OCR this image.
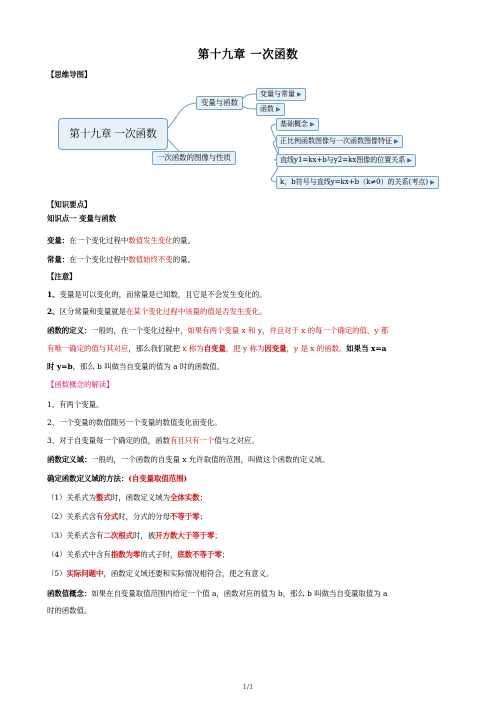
第十九章 一次函数
【思维导图】
第十九章 一次函数
变量与函数
变量与常量 ▶
函数 ▶
一次函数的图像与性质
基础概念 ▶
正比例函数图像与一次函数图像特征 ▶
直线y1=kx+b与y2=kx图像的位置关系 ▶
k，b符号与直线y=kx+b（k≠0）的关系(考点) ▶
【知识要点】
知识点一 变量与函数
变量：在一个变化过程中数值发生变化的量。
常量：在一个变化过程中数值始终不变的量。
【注意】
1、变量是可以变化的，而常量是已知数，且它是不会发生变化的。
2、区分常量和变量就是在某个变化过程中该量的值是否发生变化。
函数的定义：一般的，在一个变化过程中，如果有两个变量 x 和 y，并且对于 x 的每一个确定的值，y 都
有唯一确定的值与其对应，那么我们就把 x 称为自变量，把 y 称为因变量，y 是 x 的函数。如果当 x=a
时 y=b，那么 b 叫做当自变量的值为 a 时的函数值。
【函数概念的解读】
1、有两个变量。
2、一个变量的数值随另一个变量的数值变化而变化。
3、对于自变量每一个确定的值，函数有且只有一个值与之对应。
函数定义域：一般的，一个函数的自变量 x 允许取值的范围，叫做这个函数的定义域。
确定函数定义域的方法：(自变量取值范围)
（1）关系式为整式时，函数定义域为全体实数；
（2）关系式含有分式时，分式的分母不等于零；
（3）关系式含有二次根式时，被开方数大于等于零；
（4）关系式中含有指数为零的式子时，底数不等于零；
（5）实际问题中，函数定义域还要和实际情况相符合，使之有意义。
函数值概念：如果在自变量取值范围内给定一个值 a，函数对应的值为 b，那么 b 叫做当自变量取值为 a
时的函数值。
1/1
